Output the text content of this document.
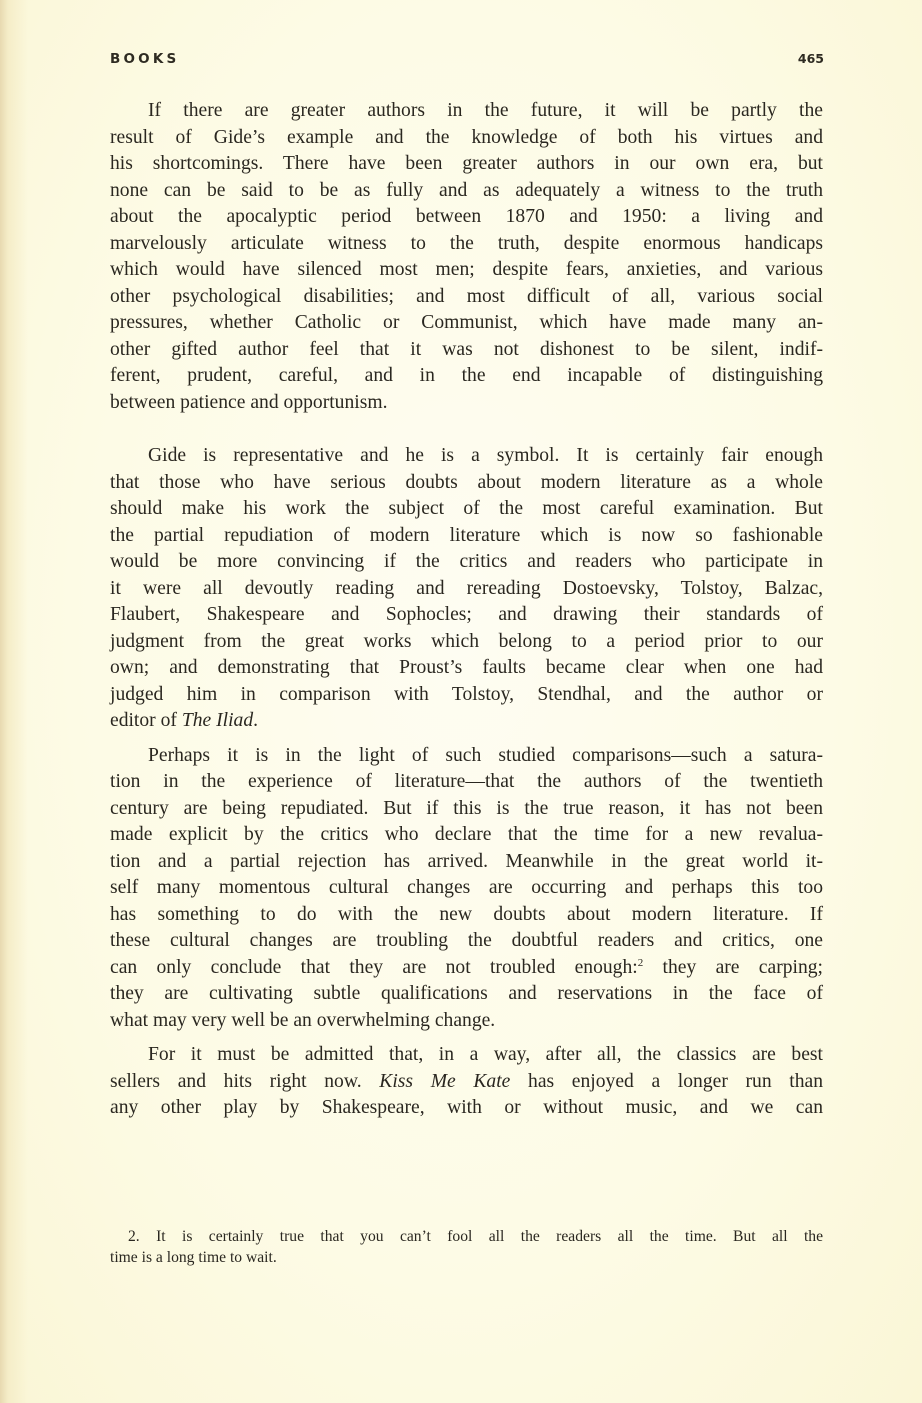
BOOKS	465
If there are greater authors in the future, it will be partly the
result of Gide’s example and the knowledge of both his virtues and
his shortcomings. There have been greater authors in our own era, but
none can be said to be as fully and as adequately a witness to the truth
about the apocalyptic period between 1870 and 1950: a living and
marvelously articulate witness to the truth, despite enormous handicaps
which would have silenced most men; despite fears, anxieties, and various
other psychological disabilities; and most difficult of all, various social
pressures, whether Catholic or Communist, which have made many an-
other gifted author feel that it was not dishonest to be silent, indif-
ferent, prudent, careful, and in the end incapable of distinguishing
between patience and opportunism.
Gide is representative and he is a symbol. It is certainly fair enough
that those who have serious doubts about modern literature as a whole
should make his work the subject of the most careful examination. But
the partial repudiation of modern literature which is now so fashionable
would be more convincing if the critics and readers who participate in
it were all devoutly reading and rereading Dostoevsky, Tolstoy, Balzac,
Flaubert, Shakespeare and Sophocles; and drawing their standards of
judgment from the great works which belong to a period prior to our
own; and demonstrating that Proust’s faults became clear when one had
judged him in comparison with Tolstoy, Stendhal, and the author or
editor of The Iliad.
Perhaps it is in the light of such studied comparisons—such a satura-
tion in the experience of literature—that the authors of the twentieth
century are being repudiated. But if this is the true reason, it has not been
made explicit by the critics who declare that the time for a new revalua-
tion and a partial rejection has arrived. Meanwhile in the great world it-
self many momentous cultural changes are occurring and perhaps this too
has something to do with the new doubts about modern literature. If
these cultural changes are troubling the doubtful readers and critics, one
can only conclude that they are not troubled enough:$^2$ they are carping;
they are cultivating subtle qualifications and reservations in the face of
what may very well be an overwhelming change.
For it must be admitted that, in a way, after all, the classics are best
sellers and hits right now. Kiss Me Kate has enjoyed a longer run than
any other play by Shakespeare, with or without music, and we can
2. It is certainly true that you can’t fool all the readers all the time. But all the
time is a long time to wait.
